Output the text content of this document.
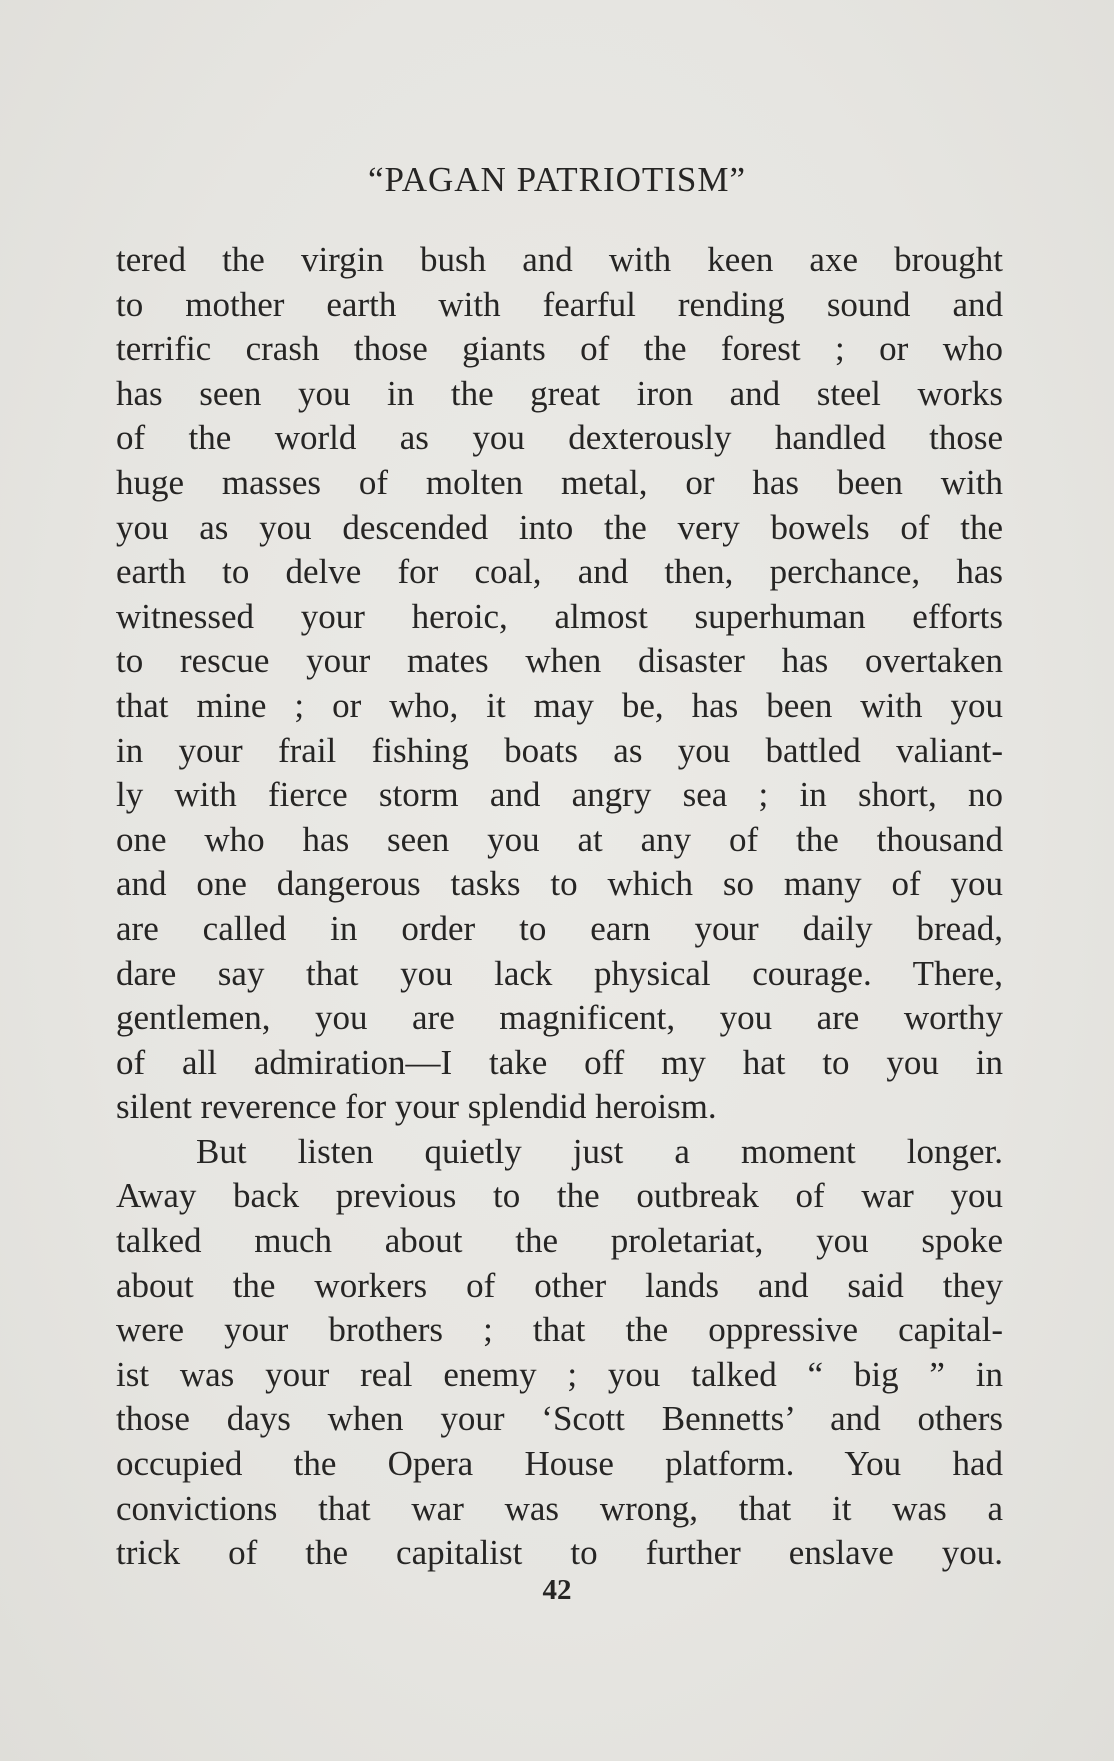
“PAGAN PATRIOTISM”
tered the virgin bush and with keen axe brought
to mother earth with fearful rending sound and
terrific crash those giants of the forest ; or who
has seen you in the great iron and steel works
of the world as you dexterously handled those
huge masses of molten metal, or has been with
you as you descended into the very bowels of the
earth to delve for coal, and then, perchance, has
witnessed your heroic, almost superhuman efforts
to rescue your mates when disaster has overtaken
that mine ; or who, it may be, has been with you
in your frail fishing boats as you battled valiant-
ly with fierce storm and angry sea ; in short, no
one who has seen you at any of the thousand
and one dangerous tasks to which so many of you
are called in order to earn your daily bread,
dare say that you lack physical courage. There,
gentlemen, you are magnificent, you are worthy
of all admiration—I take off my hat to you in
silent reverence for your splendid heroism.
But listen quietly just a moment longer.
Away back previous to the outbreak of war you
talked much about the proletariat, you spoke
about the workers of other lands and said they
were your brothers ; that the oppressive capital-
ist was your real enemy ; you talked “ big ” in
those days when your ‘Scott Bennetts’ and others
occupied the Opera House platform. You had
convictions that war was wrong, that it was a
trick of the capitalist to further enslave you.
42
